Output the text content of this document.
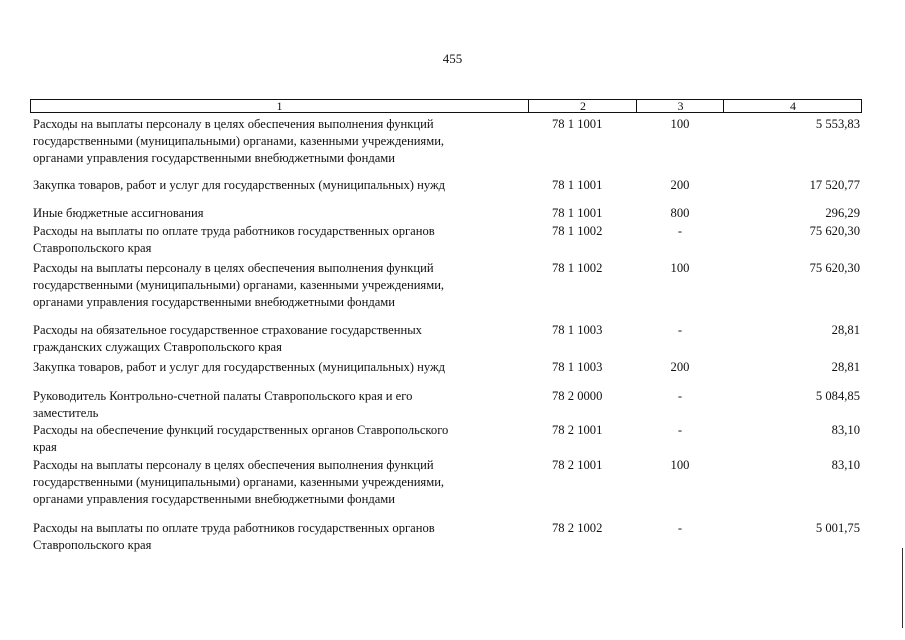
455
1	2	3	4
Расходы на выплаты персоналу в целях обеспечения выполнения функций
государственными (муниципальными) органами, казенными учреждениями,
органами управления государственными внебюджетными фондами
78 1 1001	100	5 553,83
Закупка товаров, работ и услуг для государственных (муниципальных) нужд	78 1 1001	200	17 520,77
Иные бюджетные ассигнования	78 1 1001	800	296,29
Расходы на выплаты по оплате труда работников государственных органов
Ставропольского края
78 1 1002	-	75 620,30
Расходы на выплаты персоналу в целях обеспечения выполнения функций
государственными (муниципальными) органами, казенными учреждениями,
органами управления государственными внебюджетными фондами
78 1 1002	100	75 620,30
Расходы на обязательное государственное страхование государственных
гражданских служащих Ставропольского края
78 1 1003	-	28,81
Закупка товаров, работ и услуг для государственных (муниципальных) нужд	78 1 1003	200	28,81
Руководитель Контрольно-счетной палаты Ставропольского края и его
заместитель
78 2 0000	-	5 084,85
Расходы на обеспечение функций государственных органов Ставропольского
края
78 2 1001	-	83,10
Расходы на выплаты персоналу в целях обеспечения выполнения функций
государственными (муниципальными) органами, казенными учреждениями,
органами управления государственными внебюджетными фондами
78 2 1001	100	83,10
Расходы на выплаты по оплате труда работников государственных органов
Ставропольского края
78 2 1002	-	5 001,75
